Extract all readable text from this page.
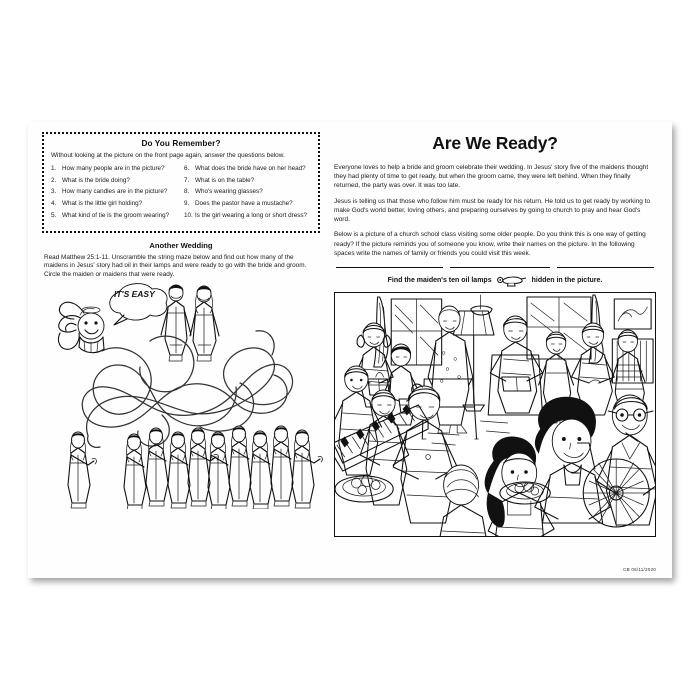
Do You Remember?
Without looking at the picture on the front page again, answer the questions below.
1. How many people are in the picture?
2. What is the bride doing?
3. How many candles are in the picture?
4. What is the little girl holding?
5. What kind of tie is the groom wearing?
6. What does the bride have on her head?
7. What is on the table?
8. Who's wearing glasses?
9. Does the pastor have a mustache?
10. Is the girl wearing a long or short dress?
Another Wedding
Read Matthew 25:1-11. Unscramble the string maze below and find out how many of the maidens in Jesus' story had oil in their lamps and were ready to go with the bride and groom. Circle the maiden or maidens that were ready.
IT'S EASY
Are We Ready?
Everyone loves to help a bride and groom celebrate their wedding. In Jesus' story five of the maidens thought they had plenty of time to get ready, but when the groom came, they were left behind. When they finally returned, the party was over. It was too late.
Jesus is telling us that those who follow him must be ready for his return. He told us to get ready by working to make God's world better, loving others, and preparing ourselves by going to church to pray and hear God's word.
Below is a picture of a church school class visiting some older people. Do you think this is one way of getting ready? If the picture reminds you of someone you know, write their names on the picture. In the following spaces write the names of family or friends you could visit this week.
Find the maiden's ten oil lamps	hidden in the picture.
CB 06/11/2020
